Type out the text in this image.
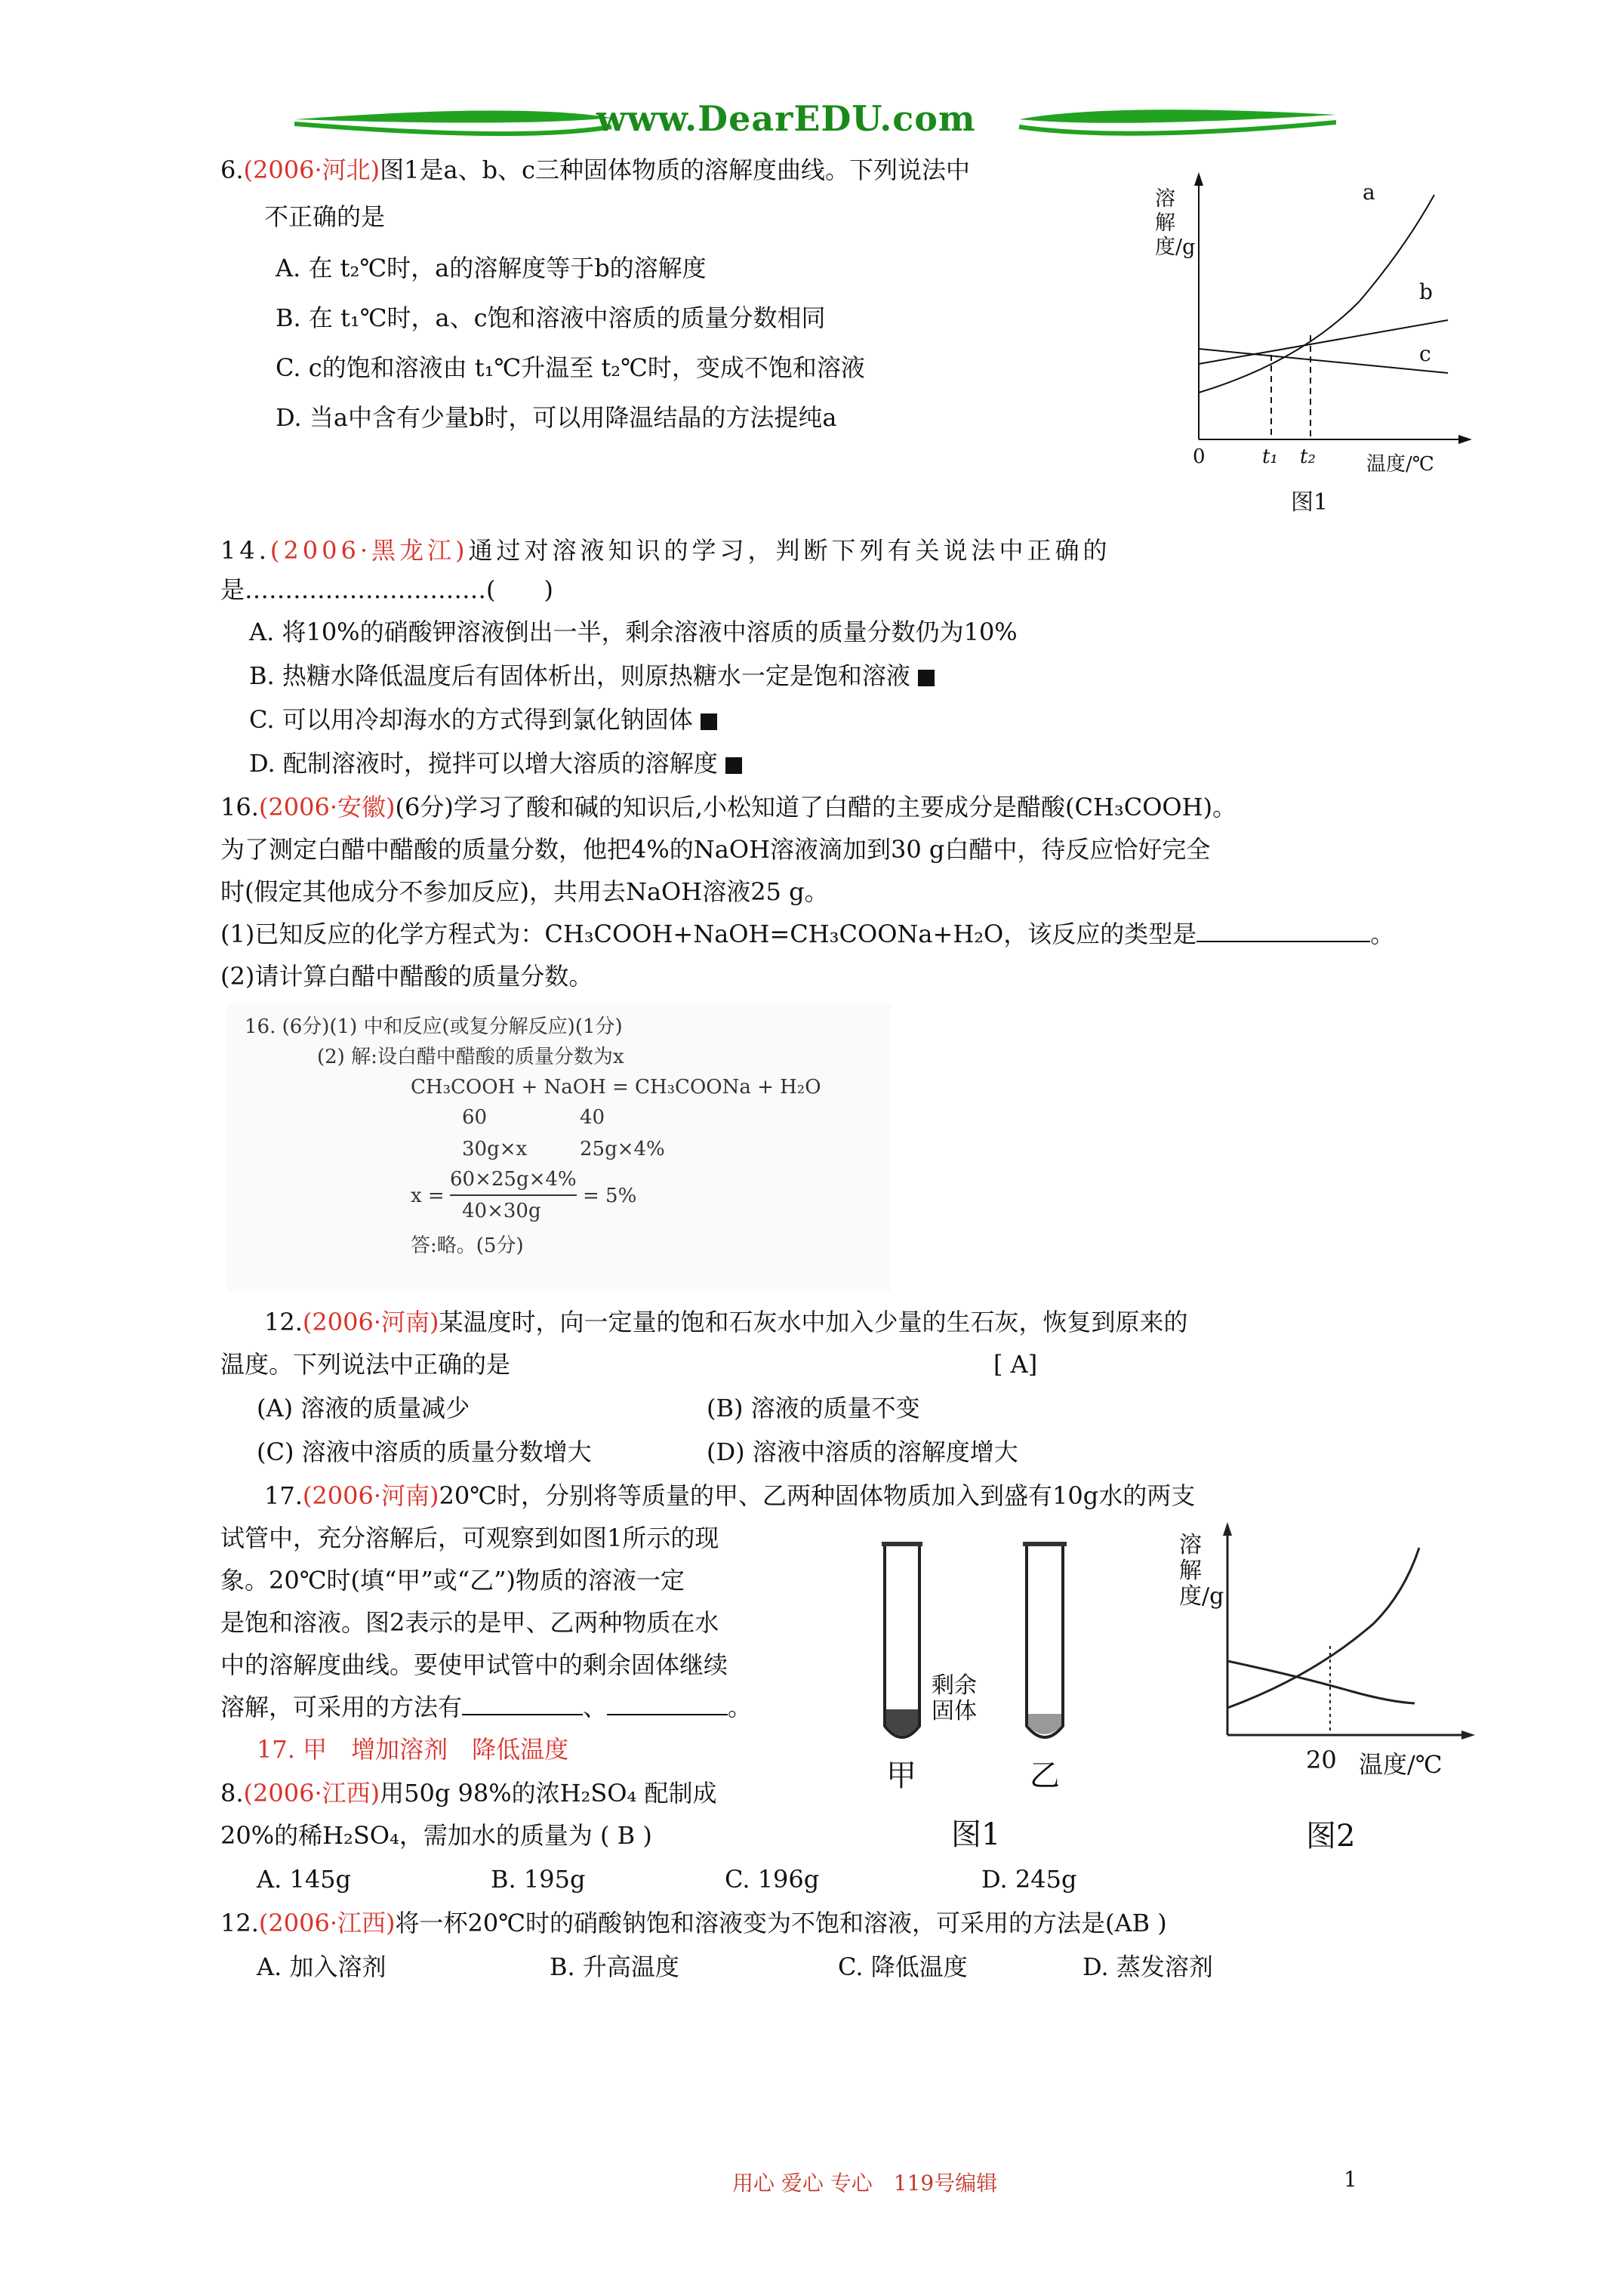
www.DearEDU.com
6.(2006·河北)图1是a、b、c三种固体物质的溶解度曲线。下列说法中
不正确的是
A. 在 t₂℃时，a的溶解度等于b的溶解度
B. 在 t₁℃时，a、c饱和溶液中溶质的质量分数相同
C. c的饱和溶液由 t₁℃升温至 t₂℃时，变成不饱和溶液
D. 当a中含有少量b时，可以用降温结晶的方法提纯a
溶解度/g
a
b
c
0	t₁ t₂	温度/℃
图1
14.(2006·黑龙江)通过对溶液知识的学习，判断下列有关说法中正确的
是…………………………(　　)
A. 将10%的硝酸钾溶液倒出一半，剩余溶液中溶质的质量分数仍为10%
B. 热糖水降低温度后有固体析出，则原热糖水一定是饱和溶液
C. 可以用冷却海水的方式得到氯化钠固体
D. 配制溶液时，搅拌可以增大溶质的溶解度
16.(2006·安徽)(6分)学习了酸和碱的知识后,小松知道了白醋的主要成分是醋酸(CH₃COOH)。
为了测定白醋中醋酸的质量分数，他把4%的NaOH溶液滴加到30 g白醋中，待反应恰好完全
时(假定其他成分不参加反应)，共用去NaOH溶液25 g。
(1)已知反应的化学方程式为：CH₃COOH+NaOH=CH₃COONa+H₂O，该反应的类型是	。
(2)请计算白醋中醋酸的质量分数。
16. (6分)(1) 中和反应(或复分解反应)(1分)
(2) 解:设白醋中醋酸的质量分数为x
CH₃COOH + NaOH = CH₃COONa + H₂O
60	40
30g×x	25g×4%
x =
60×25g×4%
40×30g
= 5%
答:略。(5分)
12.(2006·河南)某温度时，向一定量的饱和石灰水中加入少量的生石灰，恢复到原来的
温度。下列说法中正确的是	[ A]
(A) 溶液的质量减少	(B) 溶液的质量不变
(C) 溶液中溶质的质量分数增大	(D) 溶液中溶质的溶解度增大
17.(2006·河南)20℃时，分别将等质量的甲、乙两种固体物质加入到盛有10g水的两支
试管中，充分溶解后，可观察到如图1所示的现
象。20℃时(填“甲”或“乙”)物质的溶液一定
是饱和溶液。图2表示的是甲、乙两种物质在水
中的溶解度曲线。要使甲试管中的剩余固体继续
溶解，可采用的方法有	、	。
17. 甲　增加溶剂　降低温度
甲
剩余固体
乙
图1
溶解度/g
20 温度/℃
图2
8.(2006·江西)用50g 98%的浓H₂SO₄ 配制成
20%的稀H₂SO₄，需加水的质量为 ( B )
A. 145g	B. 195g	C. 196g	D. 245g
12.(2006·江西)将一杯20℃时的硝酸钠饱和溶液变为不饱和溶液，可采用的方法是(AB )
A. 加入溶剂	B. 升高温度	C. 降低温度	D. 蒸发溶剂
用心 爱心 专心　119号编辑	1
